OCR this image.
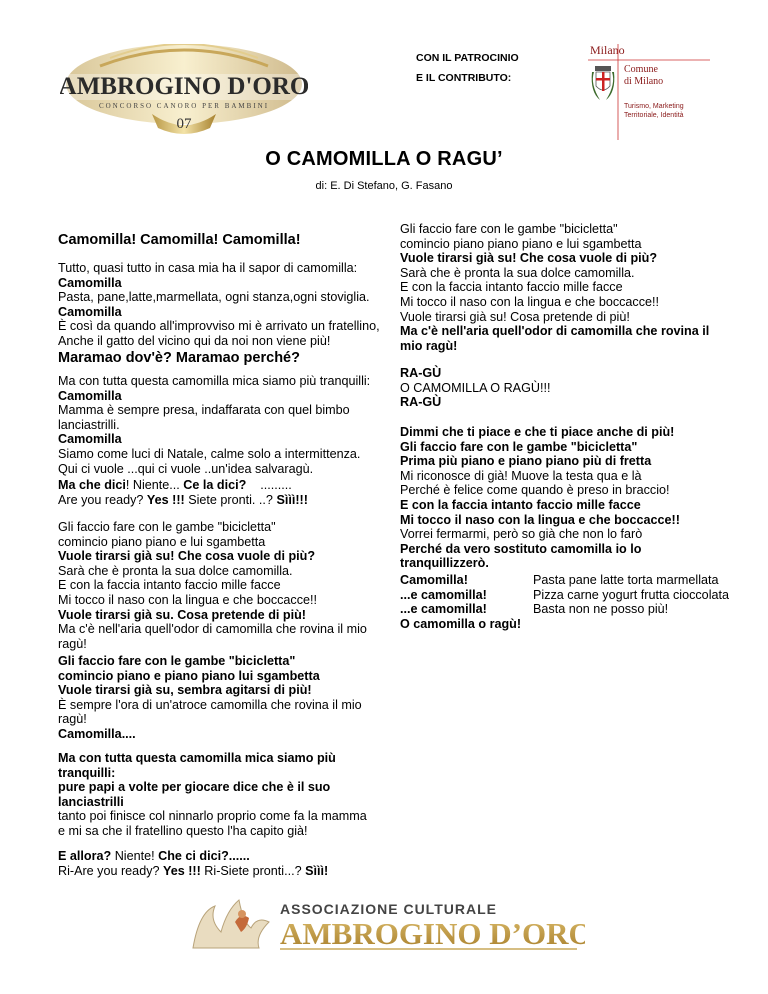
AMBROGINO D'ORO
CONCORSO CANORO PER BAMBINI
07
CON IL PATROCINIO
E IL CONTRIBUTO:
Milano
Comune
di Milano
Turismo, Marketing
Territoriale, Identità
O CAMOMILLA O RAGU’
di: E. Di Stefano, G. Fasano
Camomilla! Camomilla! Camomilla!

Tutto, quasi tutto in casa mia ha il sapor di camomilla:

Camomilla

Pasta, pane,latte,marmellata, ogni stanza,ogni stoviglia.

Camomilla

È così da quando all'improvviso mi è arrivato un fratellino,

Anche il gatto del vicino qui da noi non viene più!

Maramao dov'è? Maramao perché?

Ma con tutta questa camomilla mica siamo più tranquilli:

Camomilla

Mamma è sempre presa, indaffarata con quel bimbo

lanciastrilli.

Camomilla

Siamo come luci di Natale, calme solo a intermittenza.

Qui ci vuole ...qui ci vuole ..un'idea salvaragù.

Ma che dici! Niente... Ce la dici?    .........

Are you ready? Yes !!! Siete pronti. ..? Sììì!!!

Gli faccio fare con le gambe "bicicletta"

comincio piano piano e lui sgambetta

Vuole tirarsi già su! Che cosa vuole di più?

Sarà che è pronta la sua dolce camomilla.

E con la faccia intanto faccio mille facce

Mi tocco il naso con la lingua e che boccacce!!

Vuole tirarsi già su. Cosa pretende di più!

Ma c'è nell'aria quell'odor di camomilla che rovina il mio

ragù!

Gli faccio fare con le gambe "bicicletta"

comincio piano e piano piano lui sgambetta

Vuole tirarsi già su, sembra agitarsi di più!

È sempre l'ora di un'atroce camomilla che rovina il mio

ragù!

Camomilla....

Ma con tutta questa camomilla mica siamo più

tranquilli:

pure papi a volte per giocare dice che è il suo

lanciastrilli

tanto poi finisce col ninnarlo proprio come fa la mamma

e mi sa che il fratellino questo l'ha capito già!

E allora? Niente! Che ci dici?......

Ri-Are you ready? Yes !!! Ri-Siete pronti...? Sììì!

Gli faccio fare con le gambe "bicicletta"

comincio piano piano piano e lui sgambetta

Vuole tirarsi già su! Che cosa vuole di più?

Sarà che è pronta la sua dolce camomilla.

E con la faccia intanto faccio mille facce

Mi tocco il naso con la lingua e che boccacce!!

Vuole tirarsi già su! Cosa pretende di più!

Ma c'è nell'aria quell'odor di camomilla che rovina il

mio ragù!

RA-GÙ

O CAMOMILLA O RAGÙ!!!

RA-GÙ

Dimmi che ti piace e che ti piace anche di più!

Gli faccio fare con le gambe "bicicletta"

Prima più piano e piano piano più di fretta

Mi riconosce di già! Muove la testa qua e là

Perché è felice come quando è preso in braccio!

E con la faccia intanto faccio mille facce

Mi tocco il naso con la lingua e che boccacce!!

Vorrei fermarmi, però so già che non lo farò

Perché da vero sostituto camomilla io lo

tranquillizzerò.

Camomilla!	Pasta pane latte torta marmellata

...e camomilla!	Pizza carne yogurt frutta cioccolata

...e camomilla!	Basta non ne posso più!

O camomilla o ragù!

ASSOCIAZIONE CULTURALE
AMBROGINO D’ORO
